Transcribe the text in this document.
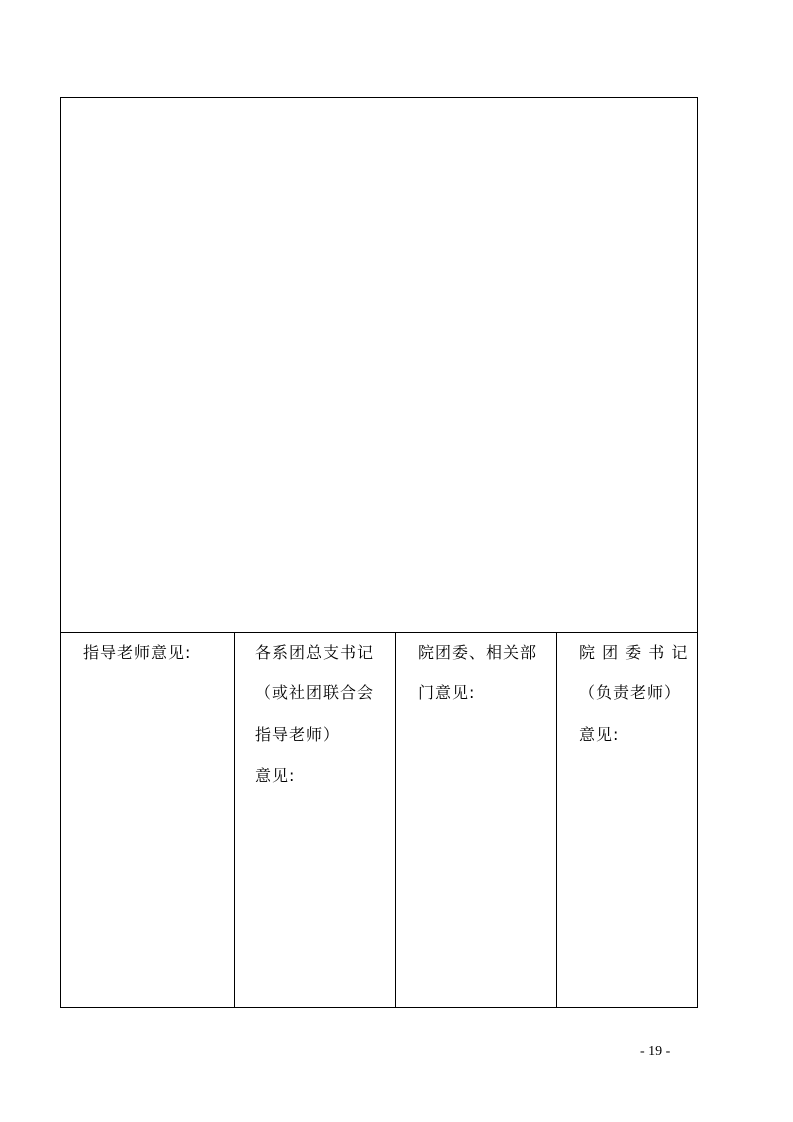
指导老师意见:	各系团总支书记
（或社团联合会
指导老师）
意见:
院团委、相关部
门意见:
院 团 委 书 记
（负责老师）
意见:
- 19 -
